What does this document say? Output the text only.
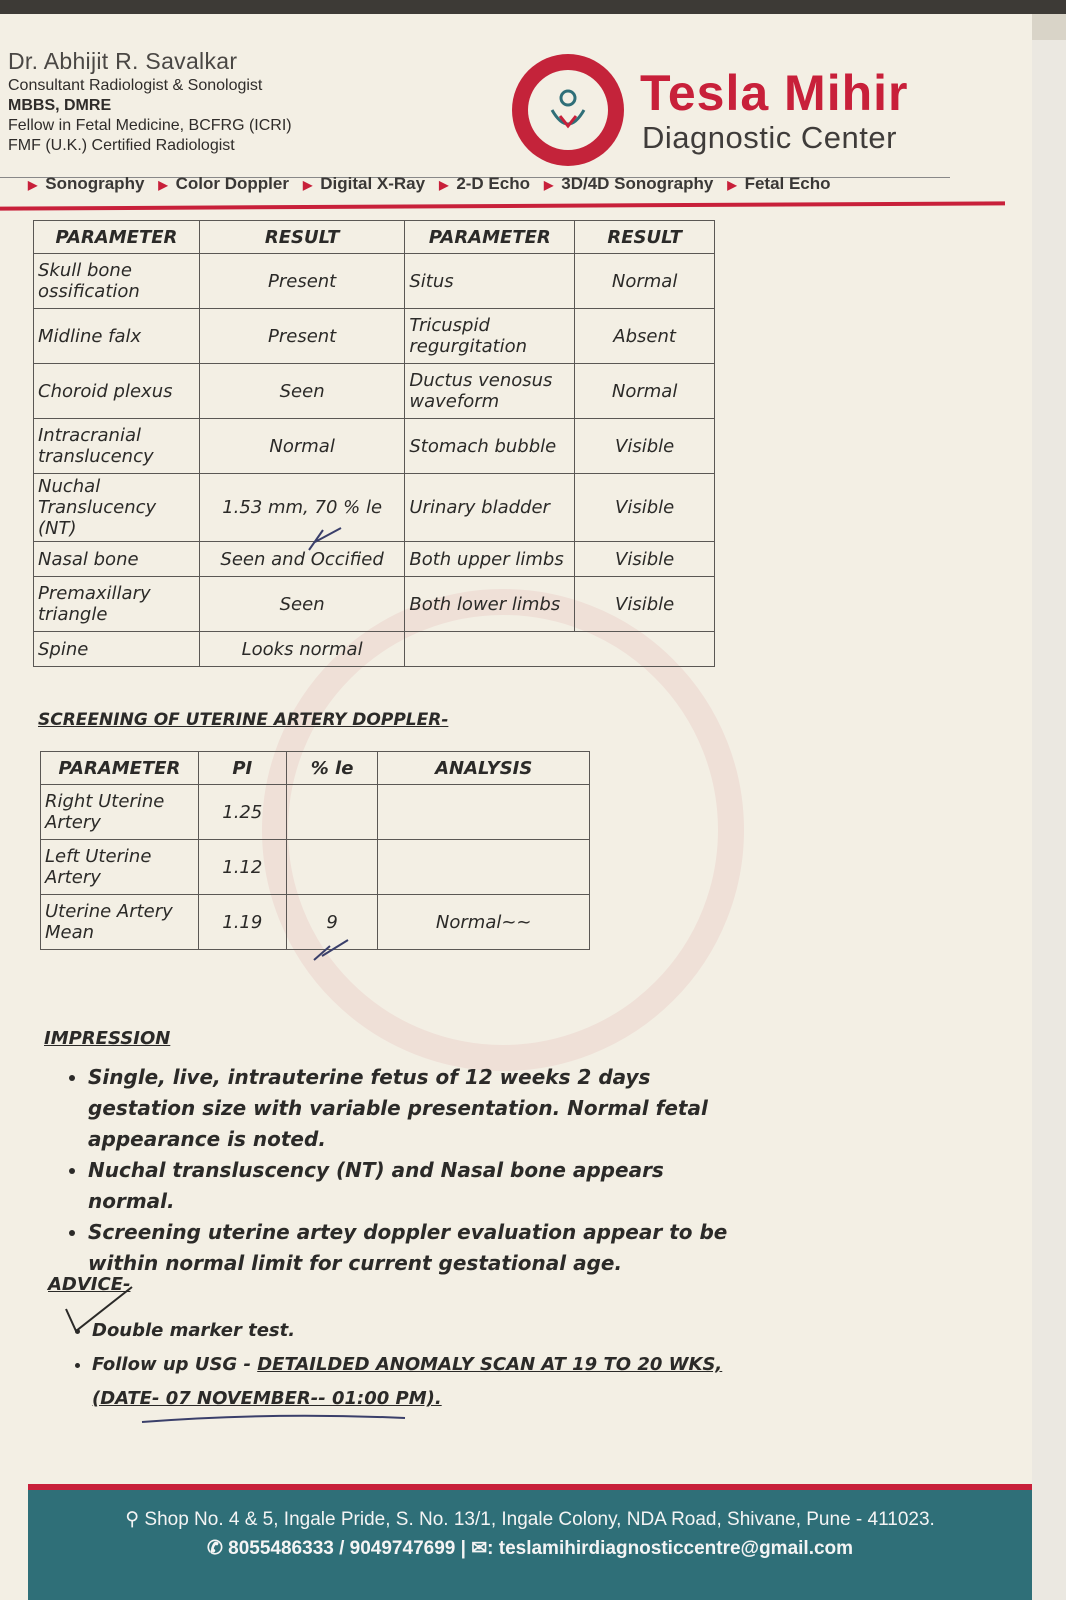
Dr. Abhijit R. Savalkar
Consultant Radiologist & Sonologist
MBBS, DMRE
Fellow in Fetal Medicine, BCFRG (ICRI)
FMF (U.K.) Certified Radiologist
Tesla Mihir
Diagnostic Center
▶ Sonography ▶ Color Doppler ▶ Digital X-Ray ▶ 2-D Echo ▶ 3D/4D Sonography ▶ Fetal Echo
PARAMETER	RESULT	PARAMETER	RESULT
Skull bone ossification	Present	Situs	Normal
Midline falx	Present	Tricuspid regurgitation	Absent
Choroid plexus	Seen	Ductus venosus waveform	Normal
Intracranial translucency	Normal	Stomach bubble	Visible
Nuchal Translucency (NT)	1.53 mm, 70 % le	Urinary bladder	Visible
Nasal bone	Seen and Occified	Both upper limbs	Visible
Premaxillary triangle	Seen	Both lower limbs	Visible
Spine	Looks normal		
SCREENING OF UTERINE ARTERY DOPPLER-
PARAMETER	PI	% le	ANALYSIS
Right Uterine Artery	1.25		
Left Uterine Artery	1.12		
Uterine Artery Mean	1.19	9	Normal~~
IMPRESSION
• Single, live, intrauterine fetus of 12 weeks 2 days gestation size with variable presentation. Normal fetal appearance is noted.
• Nuchal transluscency (NT) and Nasal bone appears normal.
• Screening uterine artey doppler evaluation appear to be within normal limit for current gestational age.
ADVICE-
• Double marker test.
• Follow up USG - DETAILDED ANOMALY SCAN AT 19 TO 20 WKS,
(DATE- 07 NOVEMBER-- 01:00 PM).
⚲ Shop No. 4 & 5, Ingale Pride, S. No. 13/1, Ingale Colony, NDA Road, Shivane, Pune - 411023.
✆ 8055486333 / 9049747699 | ✉: teslamihirdiagnosticcentre@gmail.com
